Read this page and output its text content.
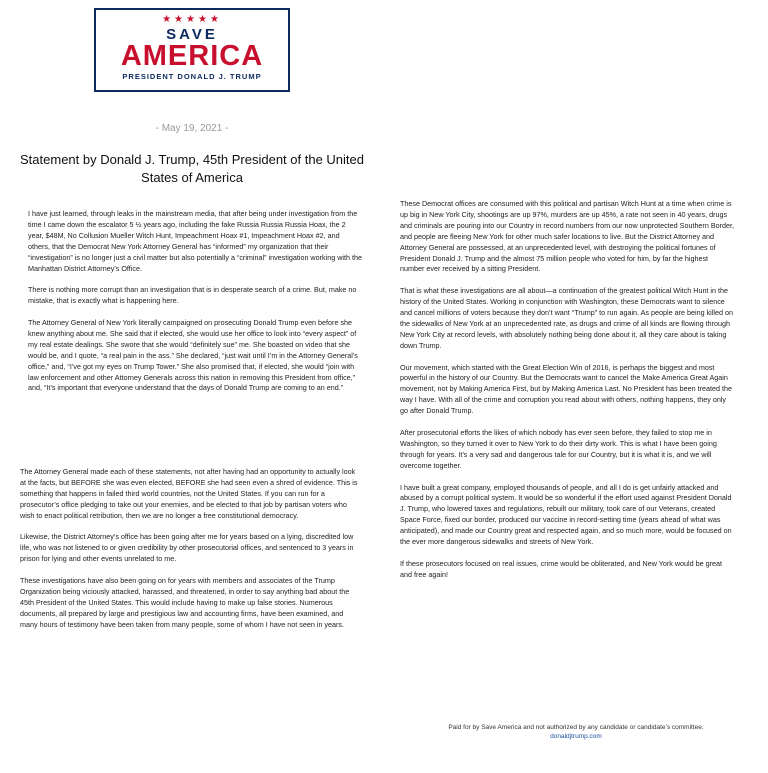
★★★★★
SAVE
AMERICA
PRESIDENT DONALD J. TRUMP
- May 19, 2021 -
Statement by Donald J. Trump, 45th President of the United States of America

I have just learned, through leaks in the mainstream media, that after being under investigation from the time I came down the escalator 5 ½ years ago, including the fake Russia Russia Russia Hoax, the 2 year, $48M, No Collusion Mueller Witch Hunt, Impeachment Hoax #1, Impeachment Hoax #2, and others, that the Democrat New York Attorney General has “informed” my organization that their “investigation” is no longer just a civil matter but also potentially a “criminal” investigation working with the Manhattan District Attorney’s Office.

There is nothing more corrupt than an investigation that is in desperate search of a crime. But, make no mistake, that is exactly what is happening here.

The Attorney General of New York literally campaigned on prosecuting Donald Trump even before she knew anything about me. She said that if elected, she would use her office to look into “every aspect” of my real estate dealings. She swore that she would “definitely sue” me. She boasted on video that she would be, and I quote, “a real pain in the ass.” She declared, “just wait until I’m in the Attorney General’s office,” and, “I’ve got my eyes on Trump Tower.” She also promised that, if elected, she would “join with law enforcement and other Attorney Generals across this nation in removing this President from office,” and, “It’s important that everyone understand that the days of Donald Trump are coming to an end.”

The Attorney General made each of these statements, not after having had an opportunity to actually look at the facts, but BEFORE she was even elected, BEFORE she had seen even a shred of evidence. This is something that happens in failed third world countries, not the United States. If you can run for a prosecutor’s office pledging to take out your enemies, and be elected to that job by partisan voters who wish to enact political retribution, then we are no longer a free constitutional democracy.

Likewise, the District Attorney’s office has been going after me for years based on a lying, discredited low life, who was not listened to or given credibility by other prosecutorial offices, and sentenced to 3 years in prison for lying and other events unrelated to me.

These investigations have also been going on for years with members and associates of the Trump Organization being viciously attacked, harassed, and threatened, in order to say anything bad about the 45th President of the United States. This would include having to make up false stories. Numerous documents, all prepared by large and prestigious law and accounting firms, have been examined, and many hours of testimony have been taken from many people, some of whom I have not seen in years.

These Democrat offices are consumed with this political and partisan Witch Hunt at a time when crime is up big in New York City, shootings are up 97%, murders are up 45%, a rate not seen in 40 years, drugs and criminals are pouring into our Country in record numbers from our now unprotected Southern Border, and people are fleeing New York for other much safer locations to live. But the District Attorney and Attorney General are possessed, at an unprecedented level, with destroying the political fortunes of President Donald J. Trump and the almost 75 million people who voted for him, by far the highest number ever received by a sitting President.

That is what these investigations are all about—a continuation of the greatest political Witch Hunt in the history of the United States. Working in conjunction with Washington, these Democrats want to silence and cancel millions of voters because they don’t want “Trump” to run again. As people are being killed on the sidewalks of New York at an unprecedented rate, as drugs and crime of all kinds are flowing through New York City at record levels, with absolutely nothing being done about it, all they care about is taking down Trump.

Our movement, which started with the Great Election Win of 2016, is perhaps the biggest and most powerful in the history of our Country. But the Democrats want to cancel the Make America Great Again movement, not by Making America First, but by Making America Last. No President has been treated the way I have. With all of the crime and corruption you read about with others, nothing happens, they only go after Donald Trump.

After prosecutorial efforts the likes of which nobody has ever seen before, they failed to stop me in Washington, so they turned it over to New York to do their dirty work. This is what I have been going through for years. It’s a very sad and dangerous tale for our Country, but it is what it is, and we will overcome together.

I have built a great company, employed thousands of people, and all I do is get unfairly attacked and abused by a corrupt political system. It would be so wonderful if the effort used against President Donald J. Trump, who lowered taxes and regulations, rebuilt our military, took care of our Veterans, created Space Force, fixed our border, produced our vaccine in record-setting time (years ahead of what was anticipated), and made our Country great and respected again, and so much more, would be focused on the ever more dangerous sidewalks and streets of New York.

If these prosecutors focused on real issues, crime would be obliterated, and New York would be great and free again!

Paid for by Save America and not authorized by any candidate or candidate’s committee.
donaldjtrump.com
